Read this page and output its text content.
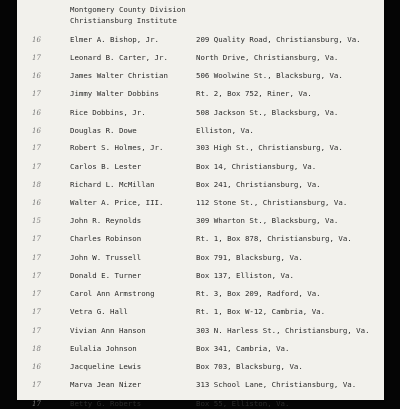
Montgomery County Division
Christiansburg Institute
16	Elmer A. Bishop, Jr.	209 Quality Road, Christiansburg, Va.
17	Leonard B. Carter, Jr.	North Drive, Christiansburg, Va.
16	James Walter Christian	506 Woolwine St., Blacksburg, Va.
17	Jimmy Walter Dobbins	Rt. 2, Box 752, Riner, Va.
16	Rice Dobbins, Jr.	508 Jackson St., Blacksburg, Va.
16	Douglas R. Dowe	Elliston, Va.
17	Robert S. Holmes, Jr.	303 High St., Christiansburg, Va.
17	Carlos B. Lester	Box 14, Christiansburg, Va.
18	Richard L. McMillan	Box 241, Christiansburg, Va.
16	Walter A. Price, III.	112 Stone St., Christiansburg, Va.
15	John R. Reynolds	309 Wharton St., Blacksburg, Va.
17	Charles Robinson	Rt. 1, Box 878, Christiansburg, Va.
17	John W. Trussell	Box 791, Blacksburg, Va.
17	Donald E. Turner	Box 137, Elliston, Va.
17	Carol Ann Armstrong	Rt. 3, Box 209, Radford, Va.
17	Vetra G. Hall	Rt. 1, Box W-12, Cambria, Va.
17	Vivian Ann Hanson	303 N. Harless St., Christiansburg, Va.
18	Eulalia Johnson	Box 341, Cambria, Va.
16	Jacqueline Lewis	Box 703, Blacksburg, Va.
17	Marva Jean Nizer	313 School Lane, Christiansburg, Va.
17	Betty G. Roberts	Box 55, Elliston, Va.
